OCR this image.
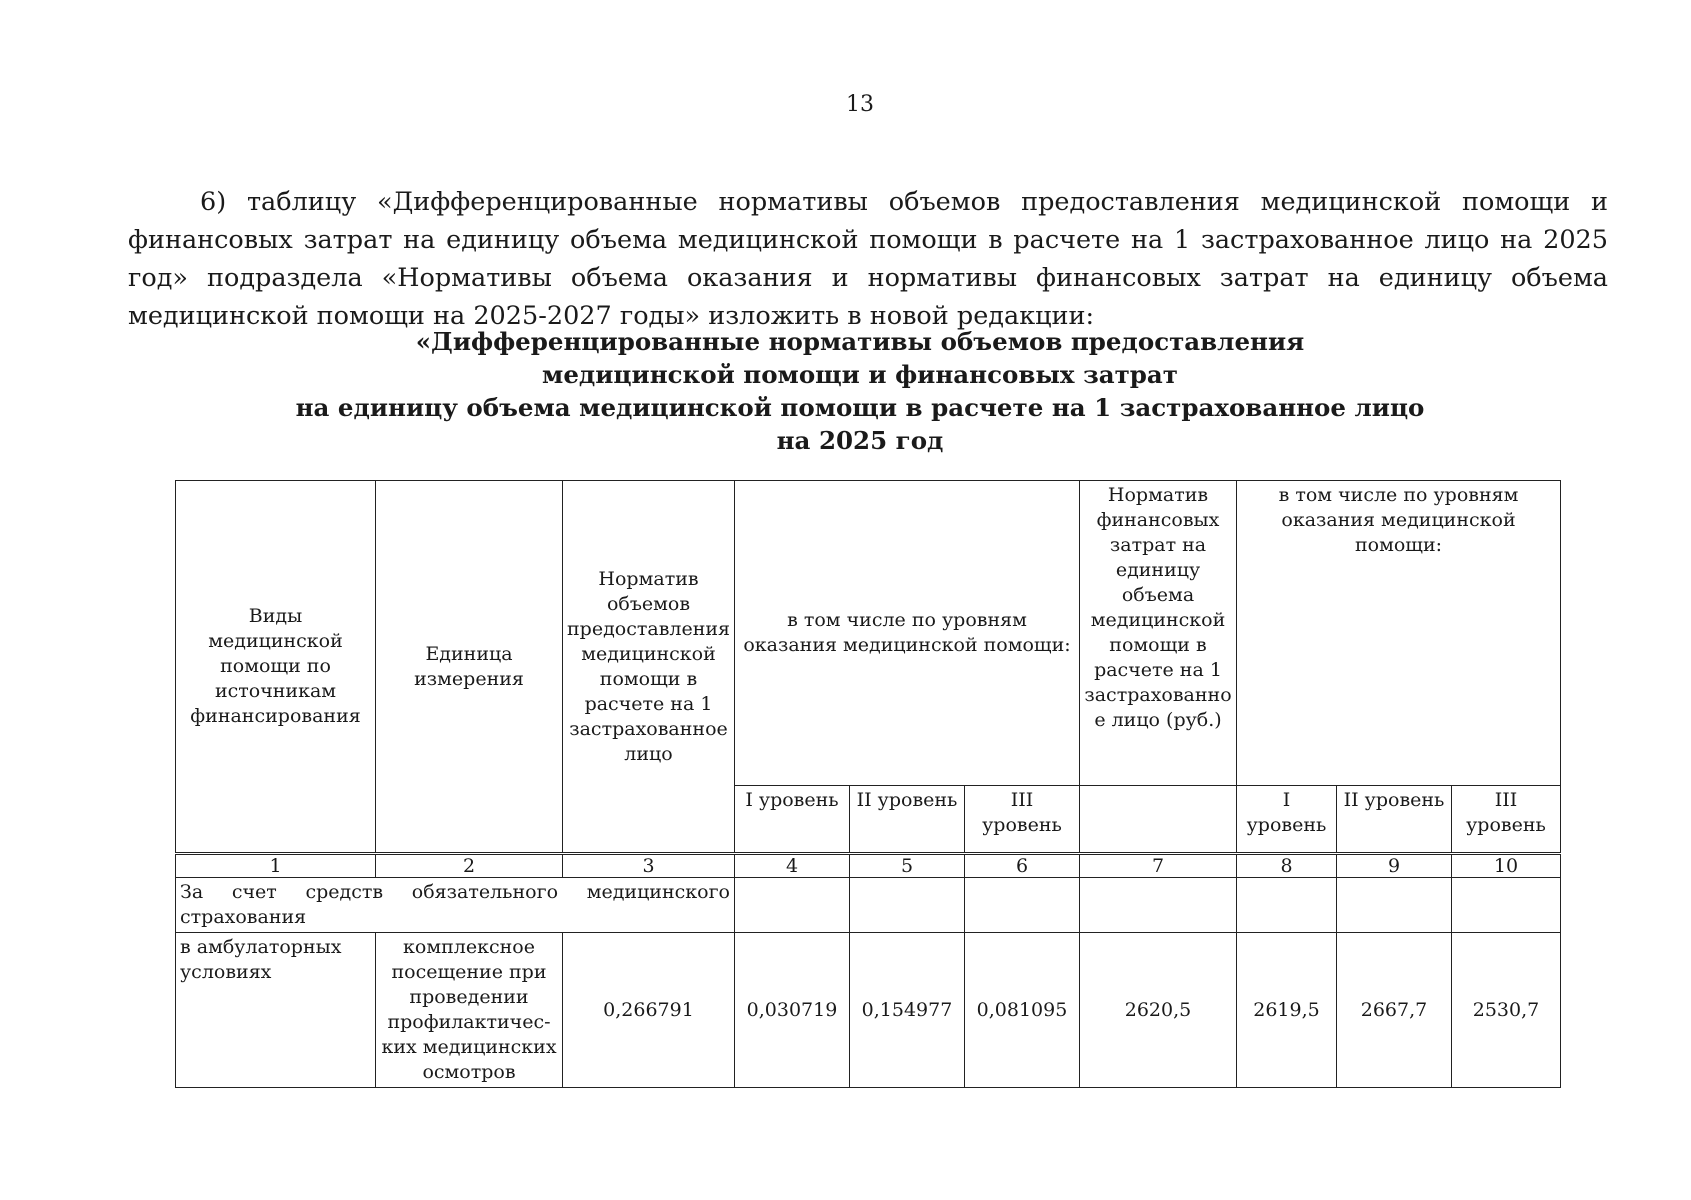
13
6) таблицу «Дифференцированные нормативы объемов предоставления медицинской помощи и финансовых затрат на единицу объема медицинской помощи в расчете на 1 застрахованное лицо на 2025 год» подраздела «Нормативы объема оказания и нормативы финансовых затрат на единицу объема медицинской помощи на 2025-2027 годы» изложить в новой редакции:
«Дифференцированные нормативы объемов предоставления
медицинской помощи и финансовых затрат
на единицу объема медицинской помощи в расчете на 1 застрахованное лицо
на 2025 год
Виды медицинской помощи по источникам финансирования	Единица измерения	Норматив объемов предоставления медицинской помощи в расчете на 1 застрахованное лицо	в том числе по уровням оказания медицинской помощи:			Норматив финансовых затрат на единицу объема медицинской помощи в расчете на 1 застрахованное лицо (руб.)	в том числе по уровням оказания медицинской помощи:		
			I уровень	II уровень	III уровень		I уровень	II уровень	III уровень
1	2	3	4	5	6	7	8	9	10
За счет средств обязательного медицинского страхования									
в амбулаторных условиях	комплексное посещение при проведении профилактичес-ких медицинских осмотров	0,266791	0,030719	0,154977	0,081095	2620,5	2619,5	2667,7	2530,7
